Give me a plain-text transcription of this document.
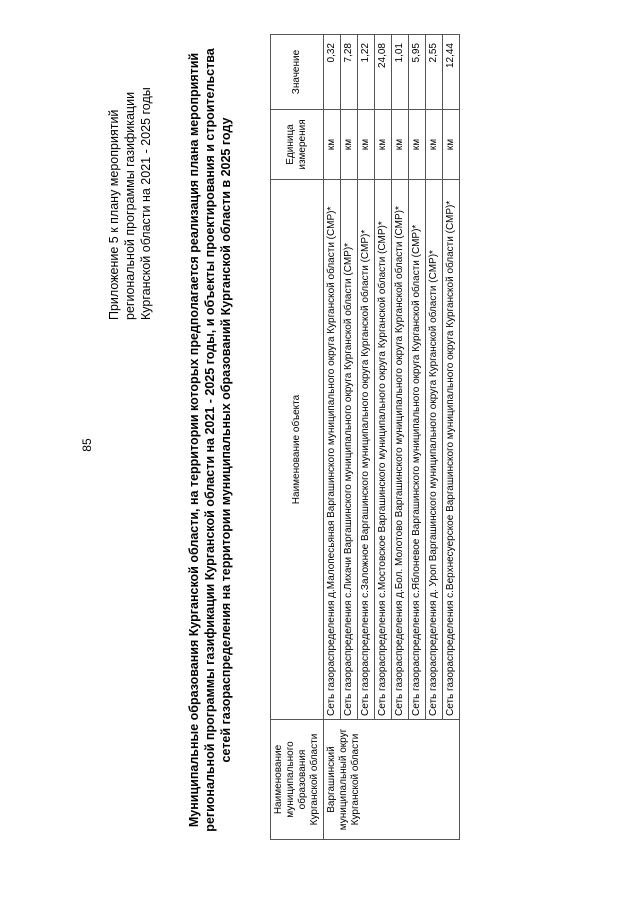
85
Приложение 5 к плану мероприятий региональной программы газификации Курганской области на 2021 - 2025 годы	Муниципальные образования Курганской области, на территории которых предполагается реализация плана мероприятий региональной программы газификации Курганской области на 2021 - 2025 годы, и объекты проектирования и строительства сетей газораспределения на территории муниципальных образований Курганской области в 2025 году
Наименование муниципального образования Курганской области	Наименование объекта	Единица измерения	Значение
Варгашинский муниципальный округ Курганской области	Сеть газораспределения д.Малопесьяная Варгашинского муниципального округа Курганской области (СМР)*	км	0,32
	Сеть газораспределения с.Лихачи Варгашинского муниципального округа Курганской области (СМР)*	км	7,28
	Сеть газораспределения с.Заложное Варгашинского муниципального округа Курганской области (СМР)*	км	1,22
	Сеть газораспределения с.Мостовское Варгашинского муниципального округа Курганской области (СМР)*	км	24,08
	Сеть газораспределения д.Бол. Молотово Варгашинского муниципального округа Курганской области (СМР)*	км	1,01
	Сеть газораспределения с.Яблоневое Варгашинского муниципального округа Курганской области (СМР)*	км	5,95
	Сеть газораспределения д. Уроп Варгашинского муниципального округа Курганской области (СМР)*	км	2,55
	Сеть газораспределения с.Верхнесуерское Варгашинского муниципального округа Курганской области (СМР)*	км	12,44
